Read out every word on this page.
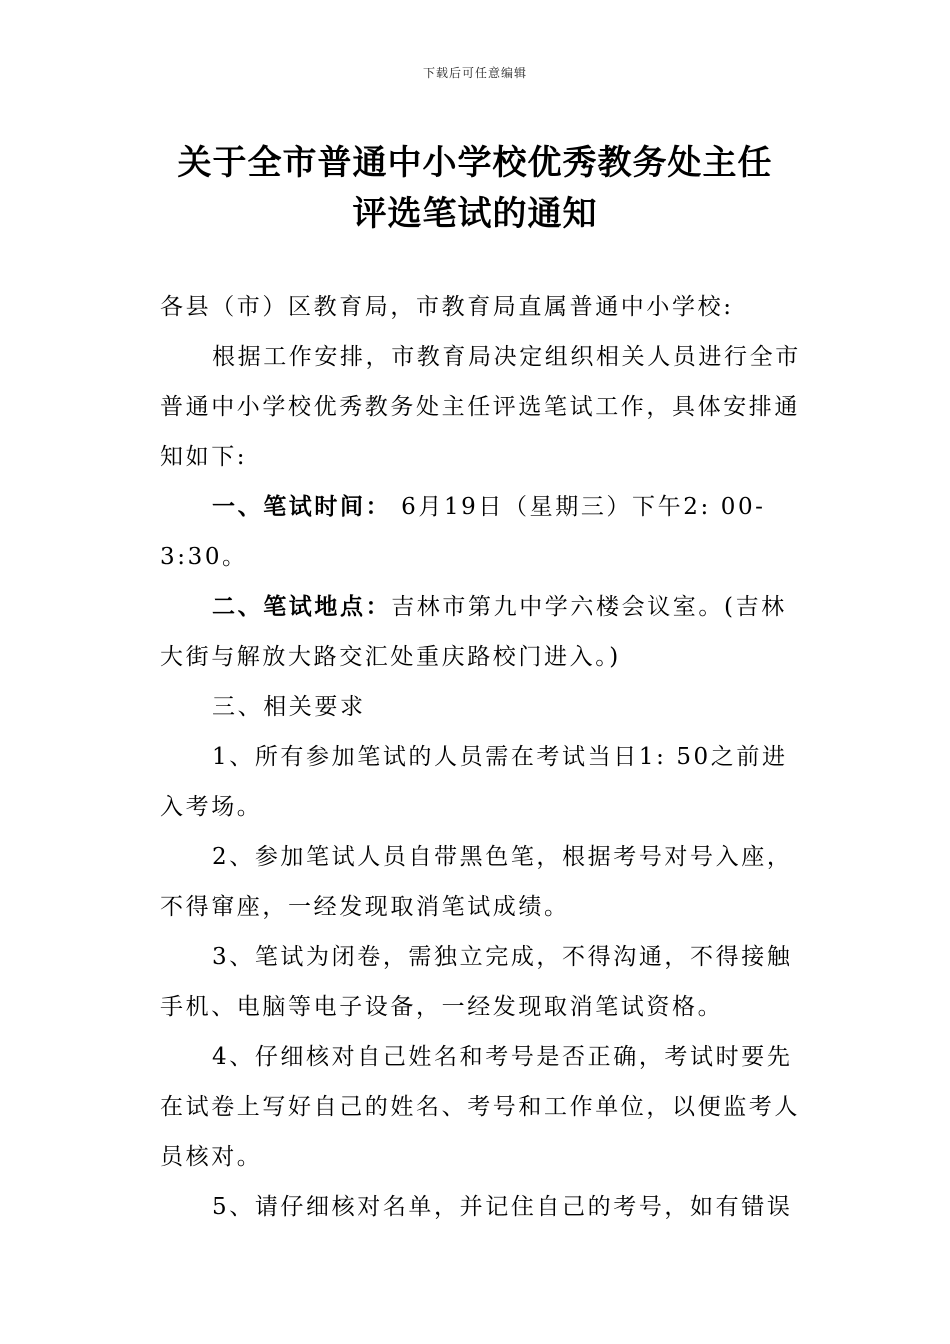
下载后可任意编辑
关于全市普通中小学校优秀教务处主任
评选笔试的通知

各县（市）区教育局，市教育局直属普通中小学校:

根据工作安排，市教育局决定组织相关人员进行全市

普通中小学校优秀教务处主任评选笔试工作，具体安排通

知如下:

一、笔试时间： 6月19日（星期三）下午2: 00-

3:30。

二、笔试地点：吉林市第九中学六楼会议室。(吉林

大街与解放大路交汇处重庆路校门进入。)

三、相关要求

1、所有参加笔试的人员需在考试当日1: 50之前进

入考场。

2、参加笔试人员自带黑色笔，根据考号对号入座，

不得窜座，一经发现取消笔试成绩。

3、笔试为闭卷，需独立完成，不得沟通，不得接触

手机、电脑等电子设备，一经发现取消笔试资格。

4、仔细核对自己姓名和考号是否正确，考试时要先

在试卷上写好自己的姓名、考号和工作单位，以便监考人

员核对。

5、请仔细核对名单，并记住自己的考号，如有错误
